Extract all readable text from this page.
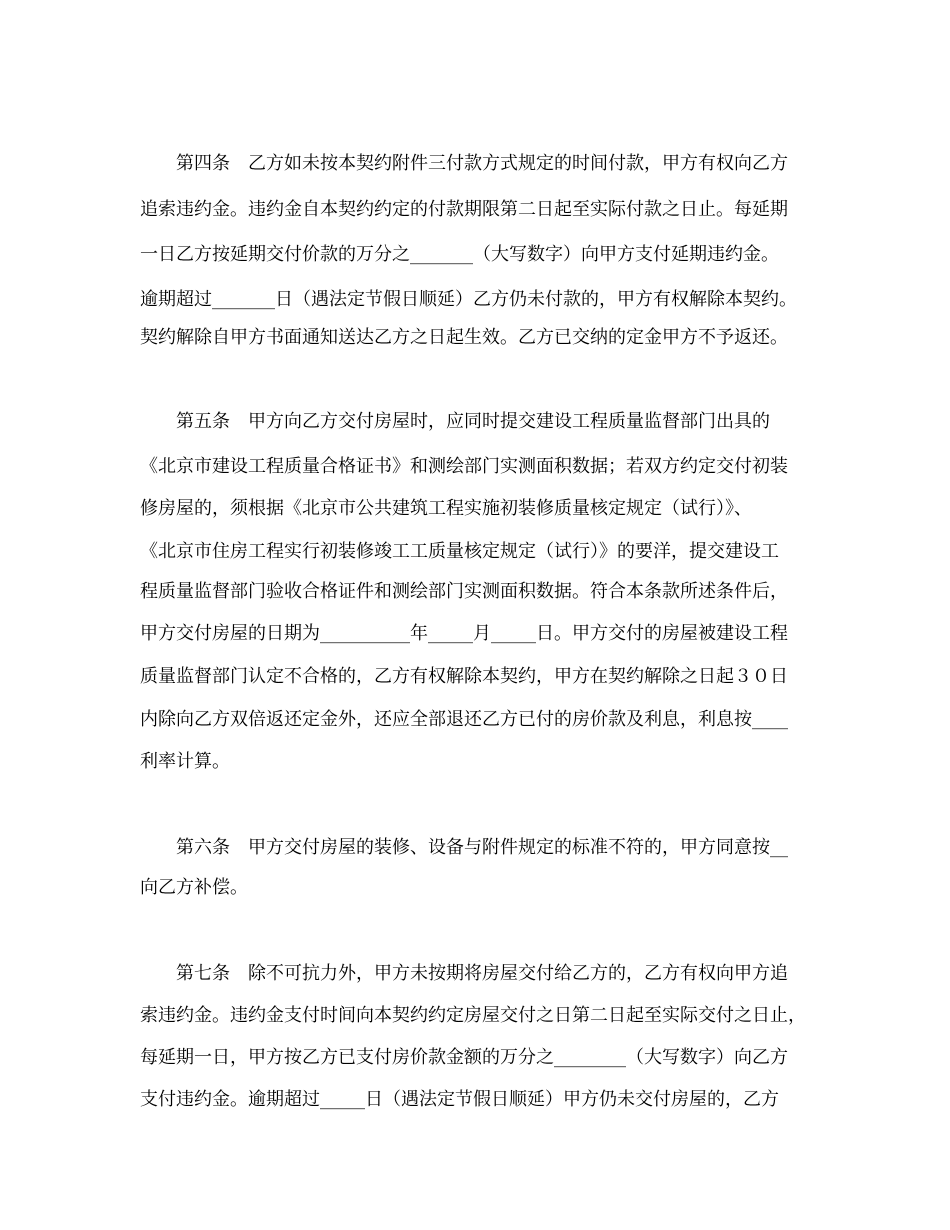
第四条 乙方如未按本契约附件三付款方式规定的时间付款，甲方有权向乙方
追索违约金。违约金自本契约约定的付款期限第二日起至实际付款之日止。每延期
一日乙方按延期交付价款的万分之_______（大写数字）向甲方支付延期违约金。
逾期超过_______日（遇法定节假日顺延）乙方仍未付款的，甲方有权解除本契约。
契约解除自甲方书面通知送达乙方之日起生效。乙方已交纳的定金甲方不予返还。
第五条 甲方向乙方交付房屋时，应同时提交建设工程质量监督部门出具的
《北京市建设工程质量合格证书》和测绘部门实测面积数据；若双方约定交付初装
修房屋的，须根据《北京市公共建筑工程实施初装修质量核定规定（试行）》、
《北京市住房工程实行初装修竣工工质量核定规定（试行）》的要洋，提交建设工
程质量监督部门验收合格证件和测绘部门实测面积数据。符合本条款所述条件后，
甲方交付房屋的日期为__________年_____月_____日。甲方交付的房屋被建设工程
质量监督部门认定不合格的，乙方有权解除本契约，甲方在契约解除之日起３０日
内除向乙方双倍返还定金外，还应全部退还乙方已付的房价款及利息，利息按____
利率计算。
第六条 甲方交付房屋的装修、设备与附件规定的标准不符的，甲方同意按__
向乙方补偿。
第七条 除不可抗力外，甲方未按期将房屋交付给乙方的，乙方有权向甲方追
索违约金。违约金支付时间向本契约约定房屋交付之日第二日起至实际交付之日止，
每延期一日，甲方按乙方已支付房价款金额的万分之________（大写数字）向乙方
支付违约金。逾期超过_____日（遇法定节假日顺延）甲方仍未交付房屋的，乙方
